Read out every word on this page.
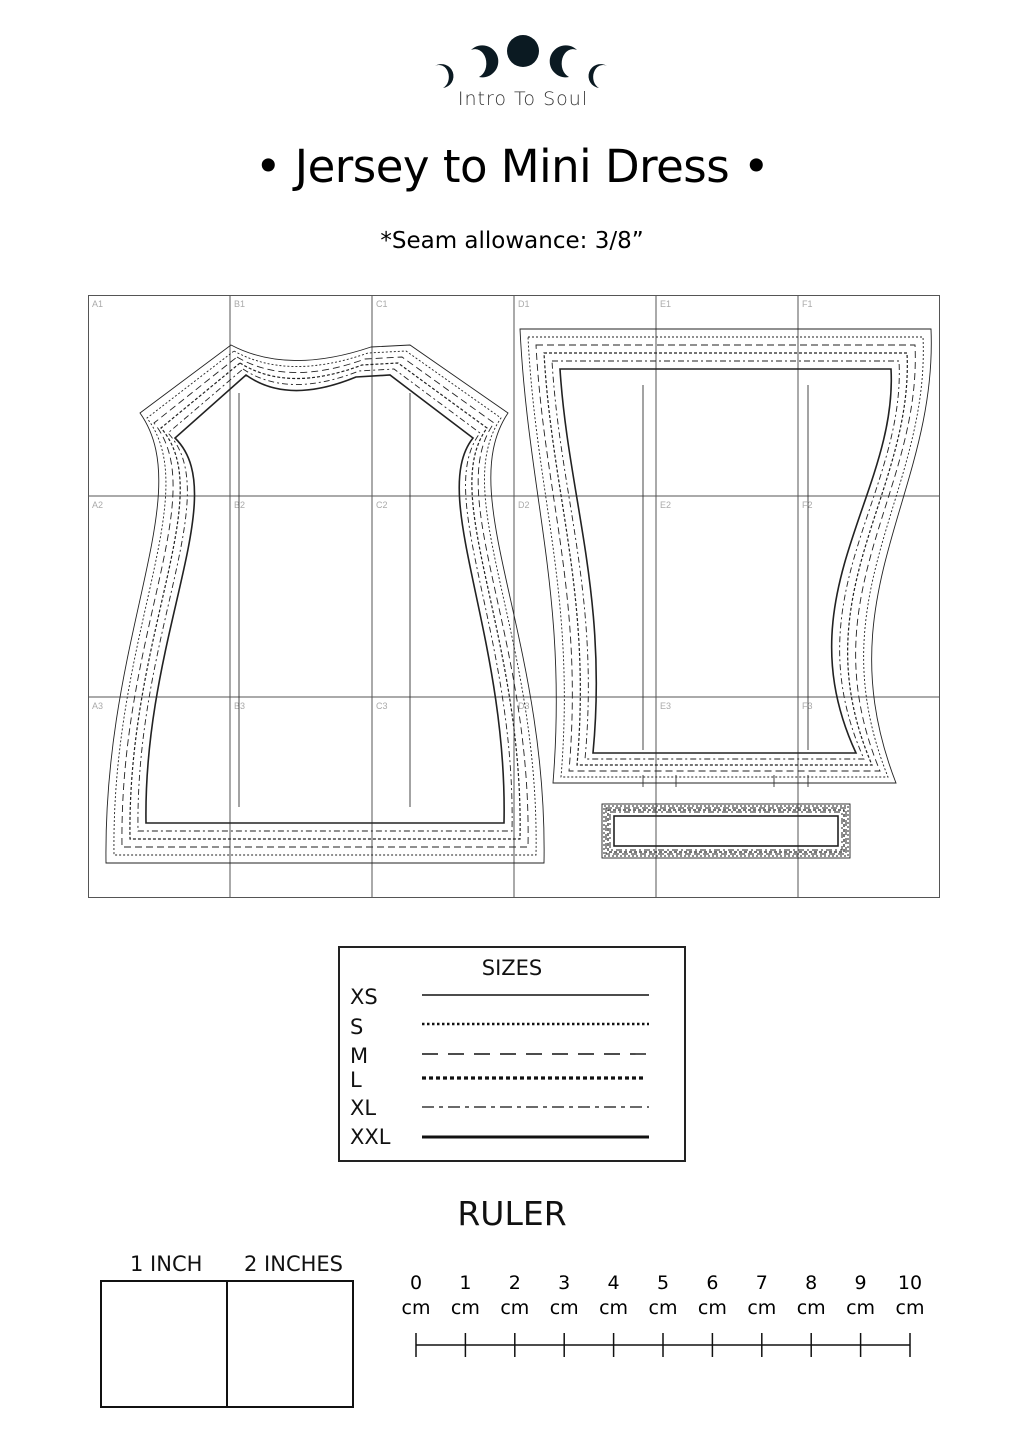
Intro To Soul
• Jersey to Mini Dress •
*Seam allowance: 3/8”
A1	B1	C1	D1	E1	F1
A2	B2	C2	D2	E2	F2
A3	B3	C3	D3	E3	F3
SIZES
XS
S
M
L
XL
XXL
RULER
1 INCH 2 INCHES
0
cm
1
cm
2
cm
3
cm
4
cm
5
cm
6
cm
7
cm
8
cm
9
cm
10
cm
